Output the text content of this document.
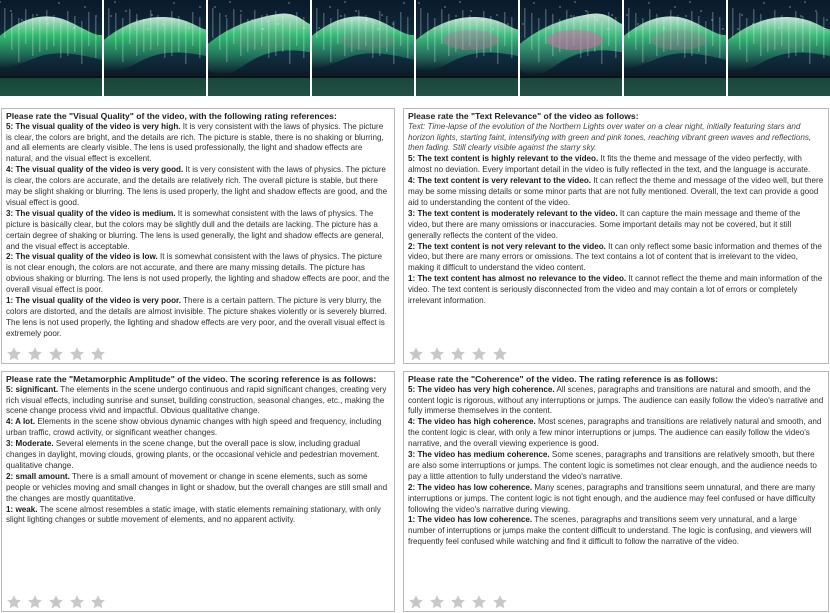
Please rate the "Visual Quality" of the video, with the following rating references:
5: The visual quality of the video is very high. It is very consistent with the laws of physics. The picture is clear, the colors are bright, and the details are rich. The picture is stable, there is no shaking or blurring, and all elements are clearly visible. The lens is used professionally, the light and shadow effects are natural, and the visual effect is excellent.
4: The visual quality of the video is very good. It is very consistent with the laws of physics. The picture is clear, the colors are accurate, and the details are relatively rich. The overall picture is stable, but there may be slight shaking or blurring. The lens is used properly, the light and shadow effects are good, and the visual effect is good.
3: The visual quality of the video is medium. It is somewhat consistent with the laws of physics. The picture is basically clear, but the colors may be slightly dull and the details are lacking. The picture has a certain degree of shaking or blurring. The lens is used generally, the light and shadow effects are general, and the visual effect is acceptable.
2: The visual quality of the video is low. It is somewhat consistent with the laws of physics. The picture is not clear enough, the colors are not accurate, and there are many missing details. The picture has obvious shaking or blurring. The lens is not used properly, the lighting and shadow effects are poor, and the overall visual effect is poor.
1: The visual quality of the video is very poor. There is a certain pattern. The picture is very blurry, the colors are distorted, and the details are almost invisible. The picture shakes violently or is severely blurred. The lens is not used properly, the lighting and shadow effects are very poor, and the overall visual effect is extremely poor.
Please rate the "Text Relevance" of the video as follows:
Text: Time-lapse of the evolution of the Northern Lights over water on a clear night, initially featuring stars and horizon lights, starting faint, intensifying with green and pink tones, reaching vibrant green waves and reflections, then fading. Still clearly visible against the starry sky.
5: The text content is highly relevant to the video. It fits the theme and message of the video perfectly, with almost no deviation. Every important detail in the video is fully reflected in the text, and the language is accurate.
4: The text content is very relevant to the video. It can reflect the theme and message of the video well, but there may be some missing details or some minor parts that are not fully mentioned. Overall, the text can provide a good aid to understanding the content of the video.
3: The text content is moderately relevant to the video. It can capture the main message and theme of the video, but there are many omissions or inaccuracies. Some important details may not be covered, but it still generally reflects the content of the video.
2: The text content is not very relevant to the video. It can only reflect some basic information and themes of the video, but there are many errors or omissions. The text contains a lot of content that is irrelevant to the video, making it difficult to understand the video content.
1: The text content has almost no relevance to the video. It cannot reflect the theme and main information of the video. The text content is seriously disconnected from the video and may contain a lot of errors or completely irrelevant information.
Please rate the "Metamorphic Amplitude" of the video. The scoring reference is as follows:
5: significant. The elements in the scene undergo continuous and rapid significant changes, creating very rich visual effects, including sunrise and sunset, building construction, seasonal changes, etc., making the scene change process vivid and impactful. Obvious qualitative change.
4: A lot. Elements in the scene show obvious dynamic changes with high speed and frequency, including urban traffic, crowd activity, or significant weather changes.
3: Moderate. Several elements in the scene change, but the overall pace is slow, including gradual changes in daylight, moving clouds, growing plants, or the occasional vehicle and pedestrian movement. qualitative change.
2: small amount. There is a small amount of movement or change in scene elements, such as some people or vehicles moving and small changes in light or shadow, but the overall changes are still small and the changes are mostly quantitative.
1: weak. The scene almost resembles a static image, with static elements remaining stationary, with only slight lighting changes or subtle movement of elements, and no apparent activity.
Please rate the "Coherence" of the video. The rating reference is as follows:
5: The video has very high coherence. All scenes, paragraphs and transitions are natural and smooth, and the content logic is rigorous, without any interruptions or jumps. The audience can easily follow the video's narrative and fully immerse themselves in the content.
4: The video has high coherence. Most scenes, paragraphs and transitions are relatively natural and smooth, and the content logic is clear, with only a few minor interruptions or jumps. The audience can easily follow the video's narrative, and the overall viewing experience is good.
3: The video has medium coherence. Some scenes, paragraphs and transitions are relatively smooth, but there are also some interruptions or jumps. The content logic is sometimes not clear enough, and the audience needs to pay a little attention to fully understand the video's narrative.
2: The video has low coherence. Many scenes, paragraphs and transitions seem unnatural, and there are many interruptions or jumps. The content logic is not tight enough, and the audience may feel confused or have difficulty following the video's narrative during viewing.
1: The video has low coherence. The scenes, paragraphs and transitions seem very unnatural, and a large number of interruptions or jumps make the content difficult to understand. The logic is confusing, and viewers will frequently feel confused while watching and find it difficult to follow the narrative of the video.
